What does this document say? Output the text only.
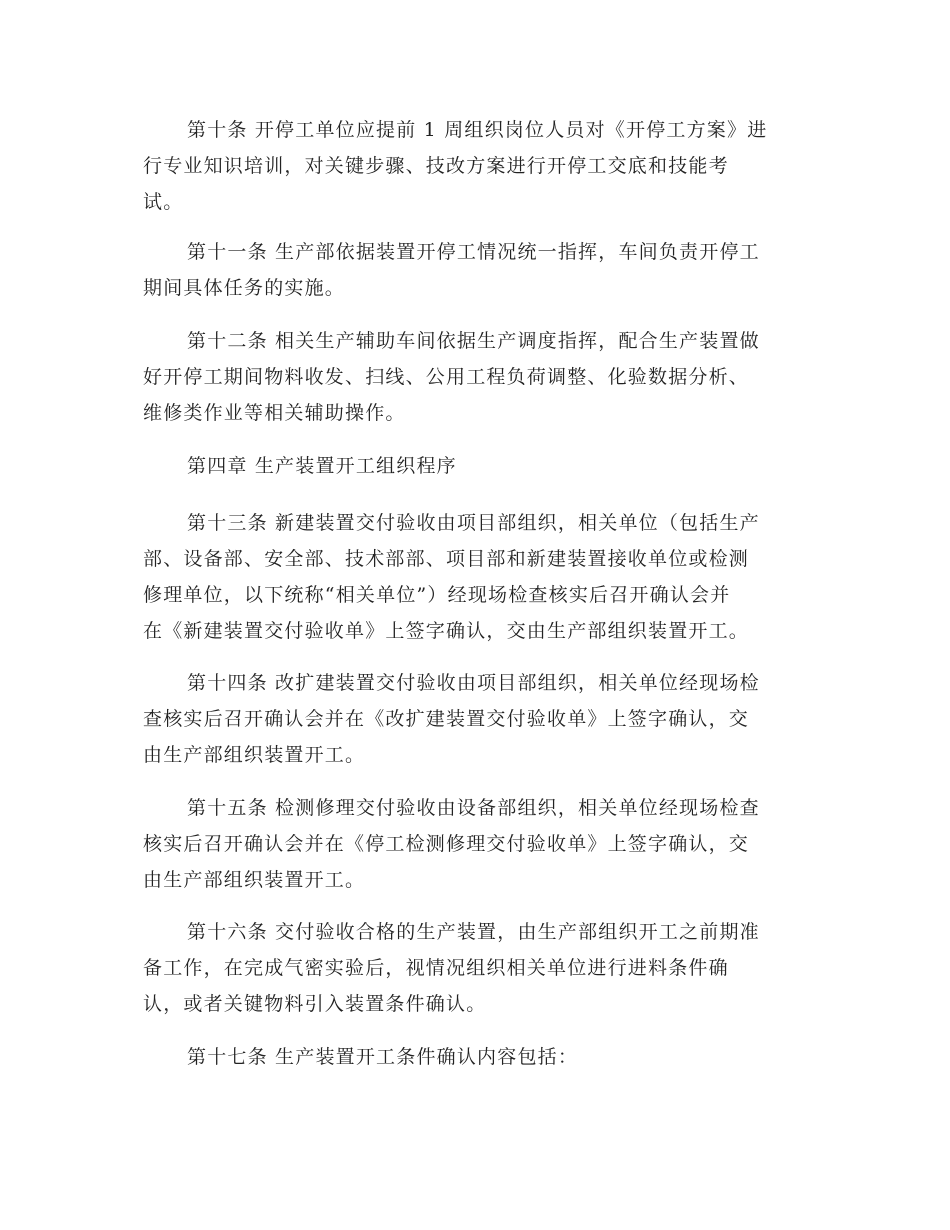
第十条 开停工单位应提前 1 周组织岗位人员对《开停工方案》进
行专业知识培训，对关键步骤、技改方案进行开停工交底和技能考
试。

第十一条 生产部依据装置开停工情况统一指挥，车间负责开停工
期间具体任务的实施。

第十二条 相关生产辅助车间依据生产调度指挥，配合生产装置做
好开停工期间物料收发、扫线、公用工程负荷调整、化验数据分析、
维修类作业等相关辅助操作。

第四章 生产装置开工组织程序

第十三条 新建装置交付验收由项目部组织，相关单位（包括生产
部、设备部、安全部、技术部部、项目部和新建装置接收单位或检测
修理单位，以下统称“相关单位”）经现场检查核实后召开确认会并
在《新建装置交付验收单》上签字确认，交由生产部组织装置开工。

第十四条 改扩建装置交付验收由项目部组织，相关单位经现场检
查核实后召开确认会并在《改扩建装置交付验收单》上签字确认，交
由生产部组织装置开工。

第十五条 检测修理交付验收由设备部组织，相关单位经现场检查
核实后召开确认会并在《停工检测修理交付验收单》上签字确认，交
由生产部组织装置开工。

第十六条 交付验收合格的生产装置，由生产部组织开工之前期准
备工作，在完成气密实验后，视情况组织相关单位进行进料条件确
认，或者关键物料引入装置条件确认。

第十七条 生产装置开工条件确认内容包括：
